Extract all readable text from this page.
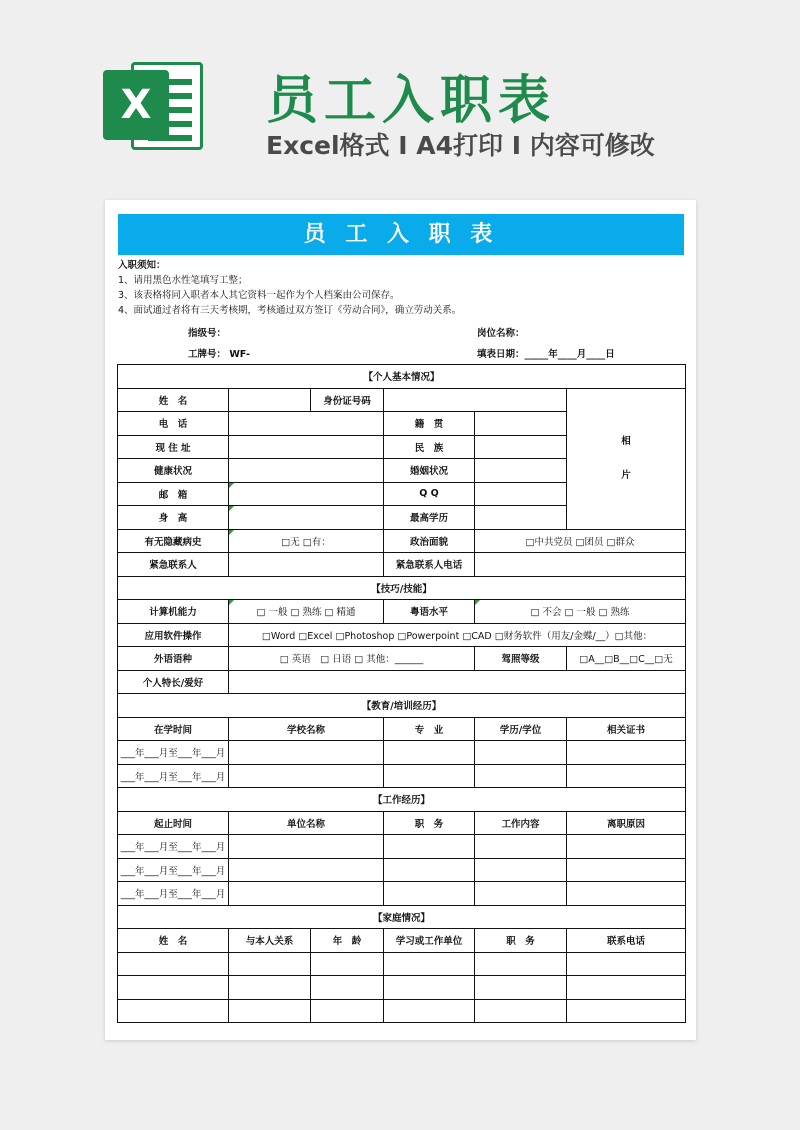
X	员工入职表
Excel格式 I A4打印 I 内容可修改
员 工 入 职 表
入职须知：
1、请用黑色水性笔填写工整；
3、该表格将同入职者本人其它资料一起作为个人档案由公司保存。
4、面试通过者将有三天考核期，考核通过双方签订《劳动合同》，确立劳动关系。
指级号：	岗位名称：
工牌号： WF-	填表日期：_____年____月____日
【个人基本情况】					
姓　名		身份证号码			相
片
电　话			籍　贯		
现 住 址			民　族		
健康状况			婚姻状况		
邮　箱			Q Q		
身　高			最高学历		
有无隐藏病史	□无 □有：		政治面貌	□中共党员 □团员 □群众	
紧急联系人			紧急联系人电话		
【技巧/技能】					
计算机能力	□ 一般 □ 熟练 □ 精通		粤语水平	□ 不会 □ 一般 □ 熟练	
应用软件操作	□Word □Excel □Photoshop □Powerpoint □CAD □财务软件（用友/金蝶/__）□其他：				
外语语种	□ 英语　□ 日语 □ 其他：______			驾照等级	□A__□B__□C__□无
个人特长/爱好					
【教育/培训经历】					
在学时间	学校名称		专　业	学历/学位	相关证书
___年___月至___年___月					
___年___月至___年___月					
【工作经历】					
起止时间	单位名称		职　务	工作内容	离职原因
___年___月至___年___月					
___年___月至___年___月					
___年___月至___年___月					
【家庭情况】					
姓　名	与本人关系	年　龄	学习或工作单位	职　务	联系电话
